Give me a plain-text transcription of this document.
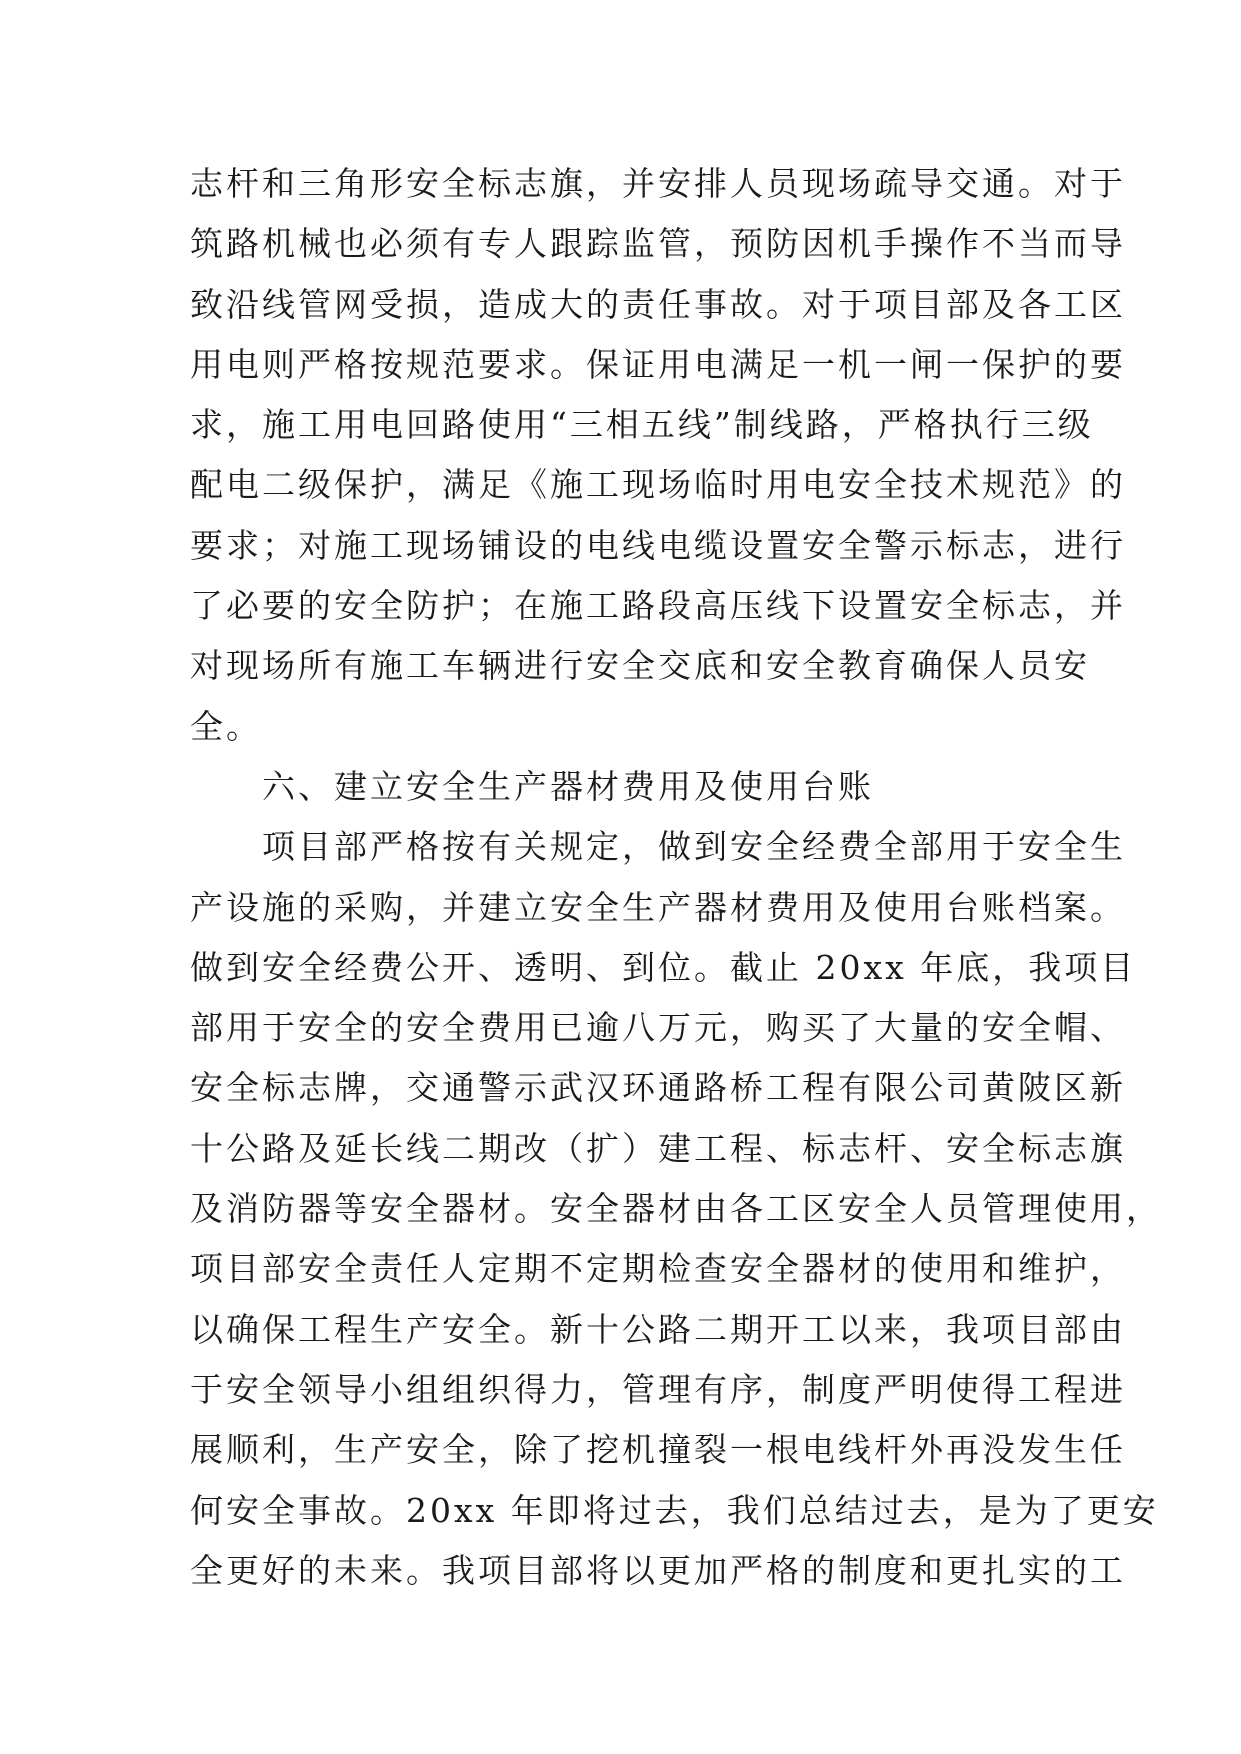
志杆和三角形安全标志旗，并安排人员现场疏导交通。对于
筑路机械也必须有专人跟踪监管，预防因机手操作不当而导
致沿线管网受损，造成大的责任事故。对于项目部及各工区
用电则严格按规范要求。保证用电满足一机一闸一保护的要
求，施工用电回路使用“三相五线”制线路，严格执行三级
配电二级保护，满足《施工现场临时用电安全技术规范》的
要求；对施工现场铺设的电线电缆设置安全警示标志，进行
了必要的安全防护；在施工路段高压线下设置安全标志，并
对现场所有施工车辆进行安全交底和安全教育确保人员安
全。
　　六、建立安全生产器材费用及使用台账
　　项目部严格按有关规定，做到安全经费全部用于安全生
产设施的采购，并建立安全生产器材费用及使用台账档案。
做到安全经费公开、透明、到位。截止 20xx 年底，我项目
部用于安全的安全费用已逾八万元，购买了大量的安全帽、
安全标志牌，交通警示武汉环通路桥工程有限公司黄陂区新
十公路及延长线二期改（扩）建工程、标志杆、安全标志旗
及消防器等安全器材。安全器材由各工区安全人员管理使用，
项目部安全责任人定期不定期检查安全器材的使用和维护，
以确保工程生产安全。新十公路二期开工以来，我项目部由
于安全领导小组组织得力，管理有序，制度严明使得工程进
展顺利，生产安全，除了挖机撞裂一根电线杆外再没发生任
何安全事故。20xx 年即将过去，我们总结过去，是为了更安
全更好的未来。我项目部将以更加严格的制度和更扎实的工
